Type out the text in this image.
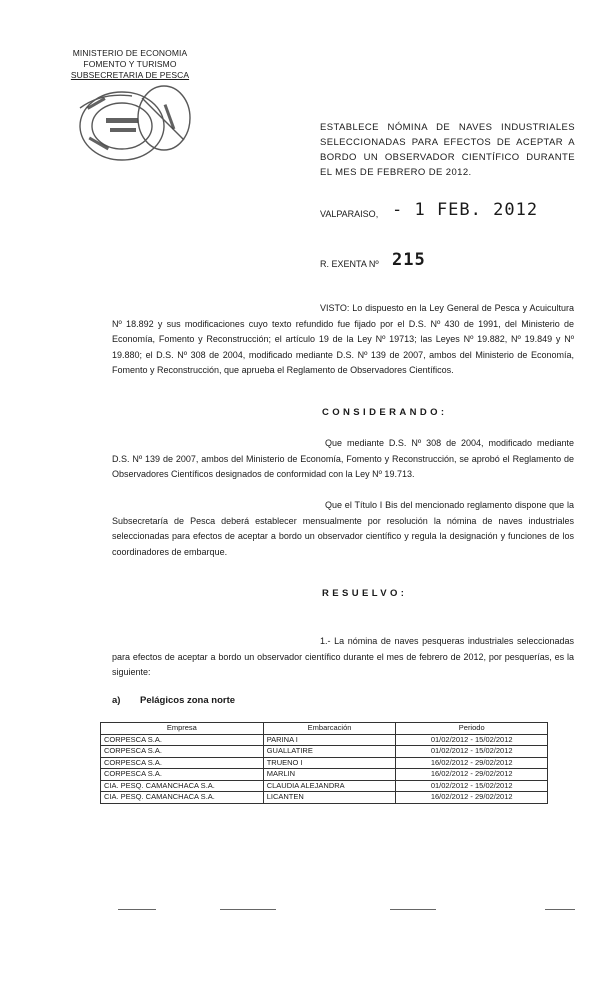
MINISTERIO DE ECONOMIA
FOMENTO Y TURISMO
SUBSECRETARIA DE PESCA
ESTABLECE NÓMINA DE NAVES INDUSTRIALES SELECCIONADAS PARA EFECTOS DE ACEPTAR A BORDO UN OBSERVADOR CIENTÍFICO DURANTE EL MES DE FEBRERO DE 2012.
VALPARAISO, - 1 FEB. 2012
R. EXENTA Nº 215
VISTO: Lo dispuesto en la Ley General de Pesca y Acuicultura Nº 18.892 y sus modificaciones cuyo texto refundido fue fijado por el D.S. Nº 430 de 1991, del Ministerio de Economía, Fomento y Reconstrucción; el artículo 19 de la Ley Nº 19713; las Leyes Nº 19.882, Nº 19.849 y Nº 19.880; el D.S. Nº 308 de 2004, modificado mediante D.S. Nº 139 de 2007, ambos del Ministerio de Economía, Fomento y Reconstrucción, que aprueba el Reglamento de Observadores Científicos.
CONSIDERANDO:
Que mediante D.S. Nº 308 de 2004, modificado mediante D.S. Nº 139 de 2007, ambos del Ministerio de Economía, Fomento y Reconstrucción, se aprobó el Reglamento de Observadores Científicos designados de conformidad con la Ley Nº 19.713.
Que el Título I Bis del mencionado reglamento dispone que la Subsecretaría de Pesca deberá establecer mensualmente por resolución la nómina de naves industriales seleccionadas para efectos de aceptar a bordo un observador científico y regula la designación y funciones de los coordinadores de embarque.
RESUELVO:
1.- La nómina de naves pesqueras industriales seleccionadas para efectos de aceptar a bordo un observador científico durante el mes de febrero de 2012, por pesquerías, es la siguiente:
a) Pelágicos zona norte
Empresa	Embarcación	Periodo
CORPESCA S.A.	PARINA I	01/02/2012 - 15/02/2012
CORPESCA S.A.	GUALLATIRE	01/02/2012 - 15/02/2012
CORPESCA S.A.	TRUENO I	16/02/2012 - 29/02/2012
CORPESCA S.A.	MARLIN	16/02/2012 - 29/02/2012
CIA. PESQ. CAMANCHACA S.A.	CLAUDIA ALEJANDRA	01/02/2012 - 15/02/2012
CIA. PESQ. CAMANCHACA S.A.	LICANTEN	16/02/2012 - 29/02/2012
